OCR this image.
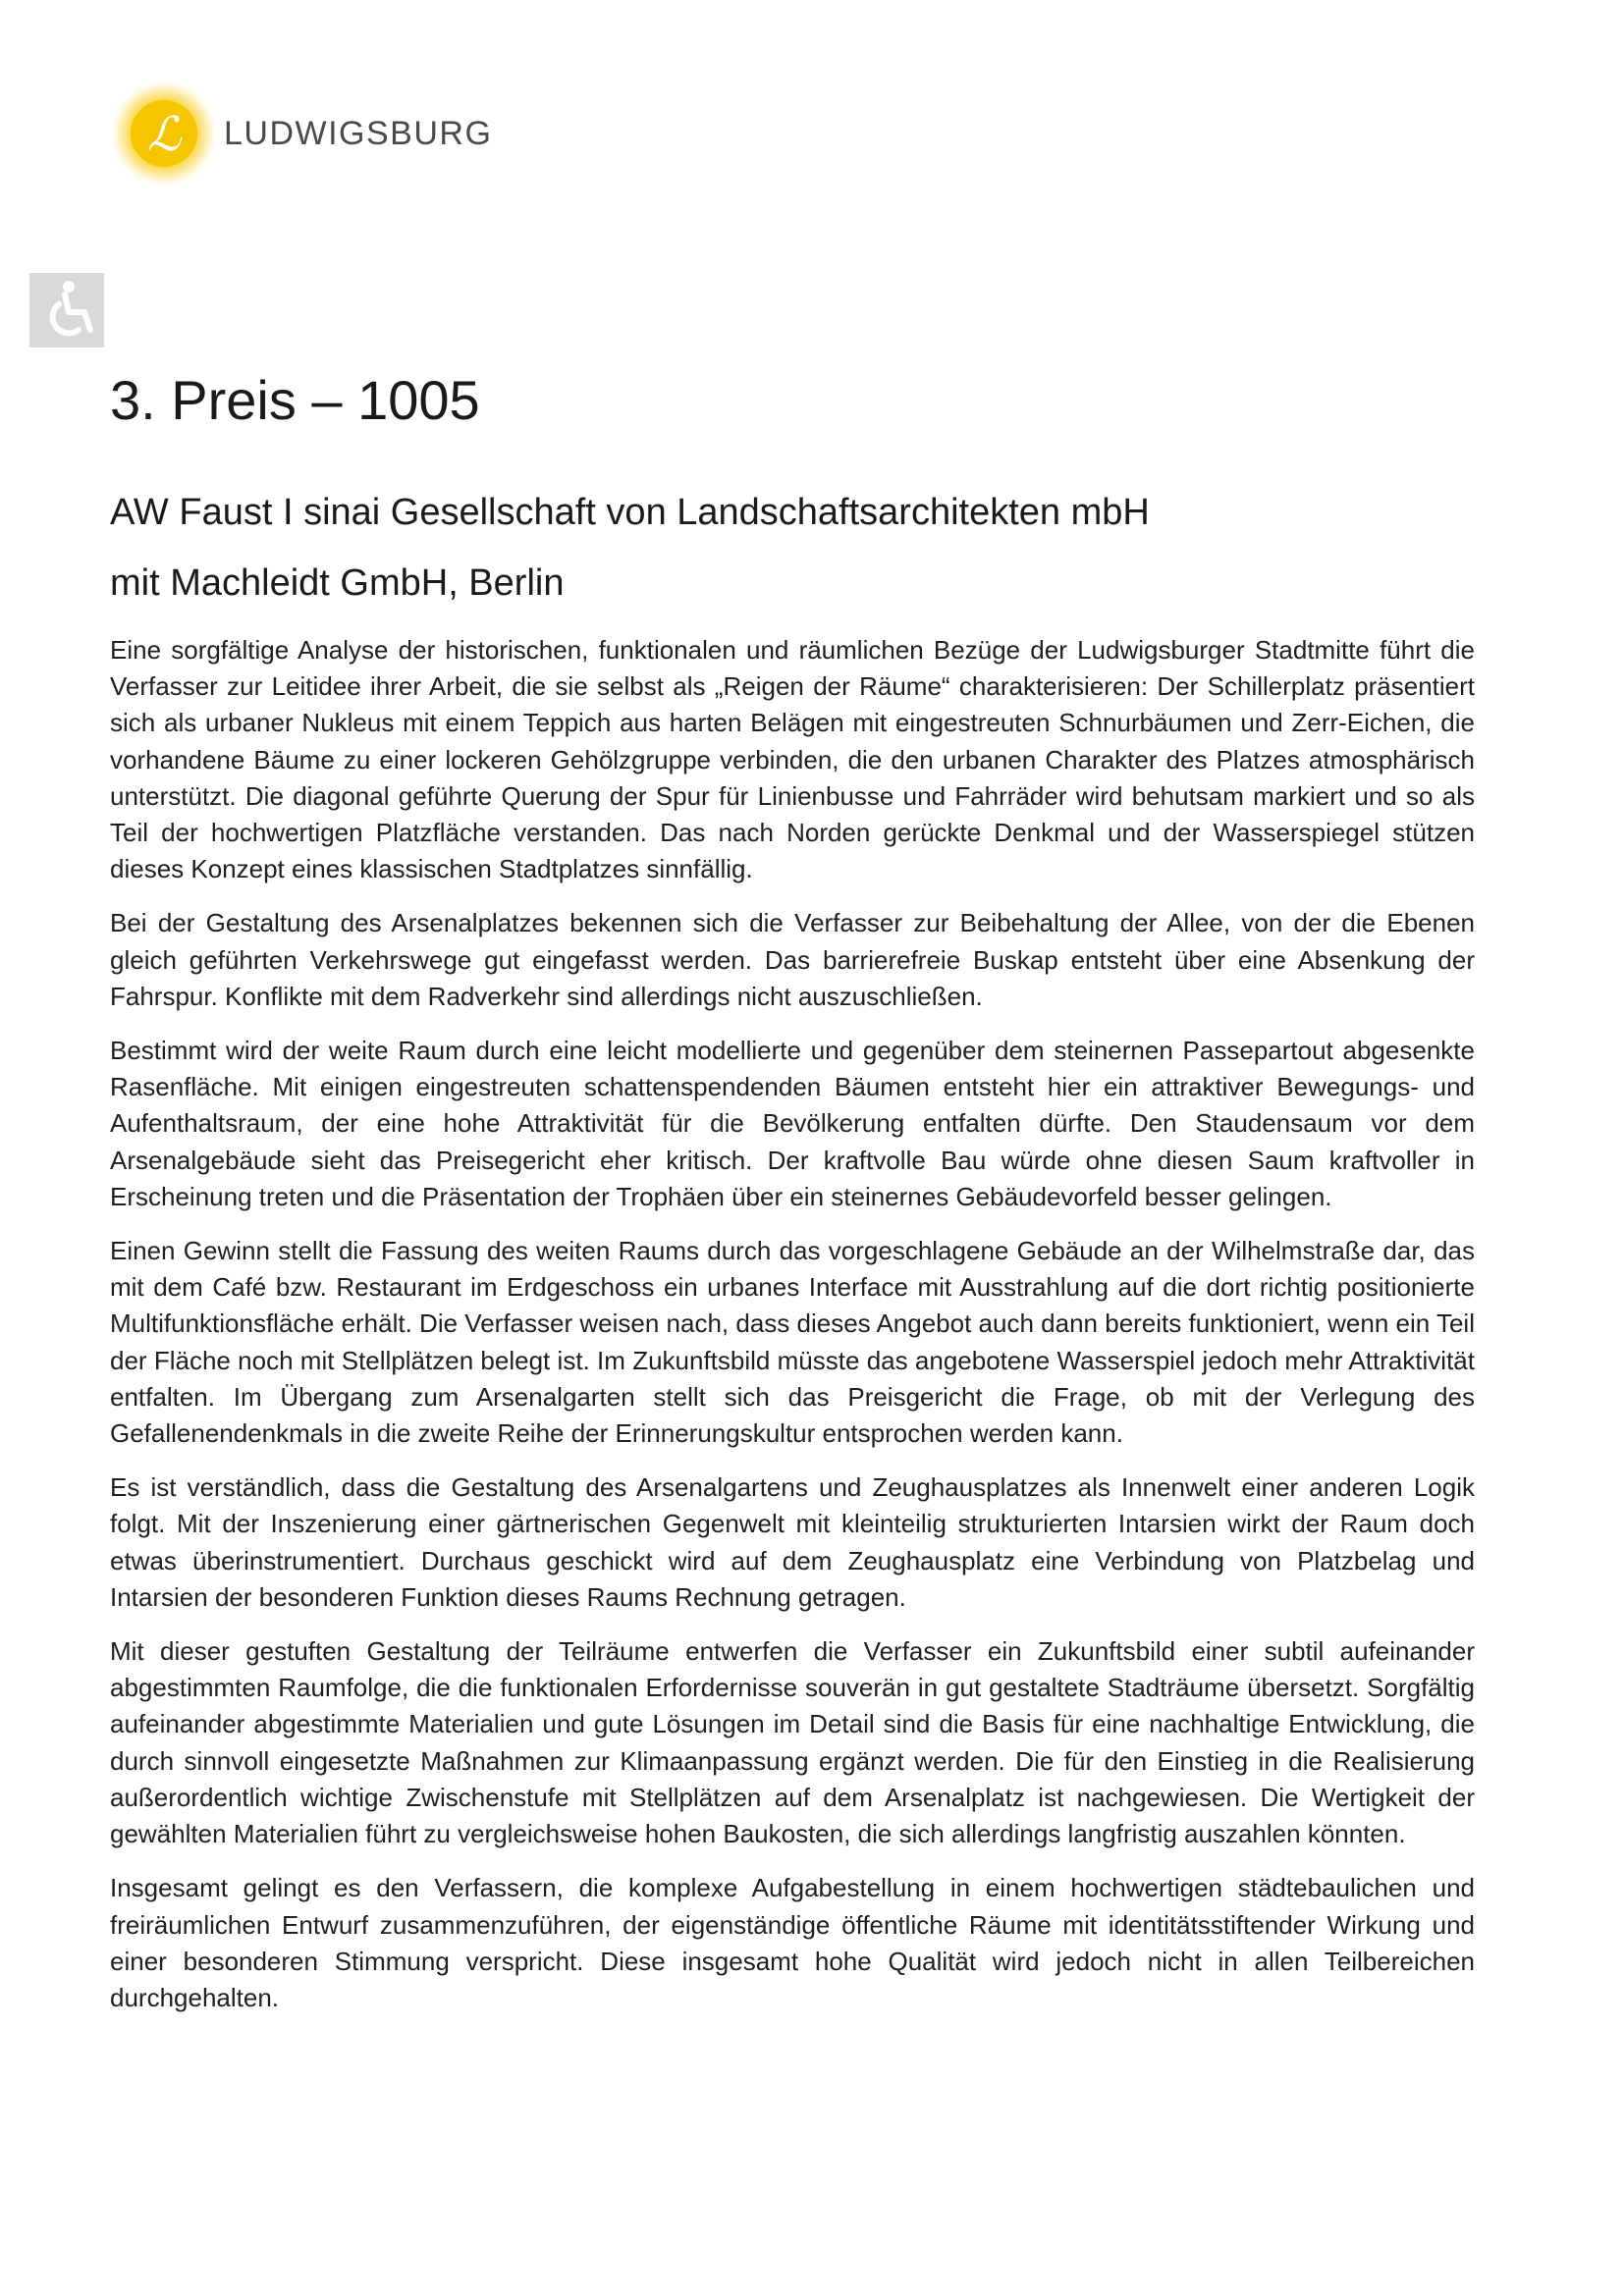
ℒ LUDWIGSBURG
3. Preis – 1005
AW Faust I sinai Gesellschaft von Landschaftsarchitekten mbH
mit Machleidt GmbH, Berlin

Eine sorgfältige Analyse der historischen, funktionalen und räumlichen Bezüge der Ludwigsburger Stadtmitte führt die Verfasser zur Leitidee ihrer Arbeit, die sie selbst als „Reigen der Räume“ charakterisieren: Der Schillerplatz präsentiert sich als urbaner Nukleus mit einem Teppich aus harten Belägen mit eingestreuten Schnurbäumen und Zerr-Eichen, die vorhandene Bäume zu einer lockeren Gehölzgruppe verbinden, die den urbanen Charakter des Platzes atmosphärisch unterstützt. Die diagonal geführte Querung der Spur für Linienbusse und Fahrräder wird behutsam markiert und so als Teil der hochwertigen Platzfläche verstanden. Das nach Norden gerückte Denkmal und der Wasserspiegel stützen dieses Konzept eines klassischen Stadtplatzes sinnfällig.

Bei der Gestaltung des Arsenalplatzes bekennen sich die Verfasser zur Beibehaltung der Allee, von der die Ebenen gleich geführten Verkehrswege gut eingefasst werden. Das barrierefreie Buskap entsteht über eine Absenkung der Fahrspur. Konflikte mit dem Radverkehr sind allerdings nicht auszuschließen.

Bestimmt wird der weite Raum durch eine leicht modellierte und gegenüber dem steinernen Passepartout abgesenkte Rasenfläche. Mit einigen eingestreuten schattenspendenden Bäumen entsteht hier ein attraktiver Bewegungs- und Aufenthaltsraum, der eine hohe Attraktivität für die Bevölkerung entfalten dürfte. Den Staudensaum vor dem Arsenalgebäude sieht das Preisegericht eher kritisch. Der kraftvolle Bau würde ohne diesen Saum kraftvoller in Erscheinung treten und die Präsentation der Trophäen über ein steinernes Gebäudevorfeld besser gelingen.

Einen Gewinn stellt die Fassung des weiten Raums durch das vorgeschlagene Gebäude an der Wilhelmstraße dar, das mit dem Café bzw. Restaurant im Erdgeschoss ein urbanes Interface mit Ausstrahlung auf die dort richtig positionierte Multifunktionsfläche erhält. Die Verfasser weisen nach, dass dieses Angebot auch dann bereits funktioniert, wenn ein Teil der Fläche noch mit Stellplätzen belegt ist. Im Zukunftsbild müsste das angebotene Wasserspiel jedoch mehr Attraktivität entfalten. Im Übergang zum Arsenalgarten stellt sich das Preisgericht die Frage, ob mit der Verlegung des Gefallenendenkmals in die zweite Reihe der Erinnerungskultur entsprochen werden kann.

Es ist verständlich, dass die Gestaltung des Arsenalgartens und Zeughausplatzes als Innenwelt einer anderen Logik folgt. Mit der Inszenierung einer gärtnerischen Gegenwelt mit kleinteilig strukturierten Intarsien wirkt der Raum doch etwas überinstrumentiert. Durchaus geschickt wird auf dem Zeughausplatz eine Verbindung von Platzbelag und Intarsien der besonderen Funktion dieses Raums Rechnung getragen.

Mit dieser gestuften Gestaltung der Teilräume entwerfen die Verfasser ein Zukunftsbild einer subtil aufeinander abgestimmten Raumfolge, die die funktionalen Erfordernisse souverän in gut gestaltete Stadträume übersetzt. Sorgfältig aufeinander abgestimmte Materialien und gute Lösungen im Detail sind die Basis für eine nachhaltige Entwicklung, die durch sinnvoll eingesetzte Maßnahmen zur Klimaanpassung ergänzt werden. Die für den Einstieg in die Realisierung außerordentlich wichtige Zwischenstufe mit Stellplätzen auf dem Arsenalplatz ist nachgewiesen. Die Wertigkeit der gewählten Materialien führt zu vergleichsweise hohen Baukosten, die sich allerdings langfristig auszahlen könnten.

Insgesamt gelingt es den Verfassern, die komplexe Aufgabestellung in einem hochwertigen städtebaulichen und freiräumlichen Entwurf zusammenzuführen, der eigenständige öffentliche Räume mit identitätsstiftender Wirkung und einer besonderen Stimmung verspricht. Diese insgesamt hohe Qualität wird jedoch nicht in allen Teilbereichen durchgehalten.
